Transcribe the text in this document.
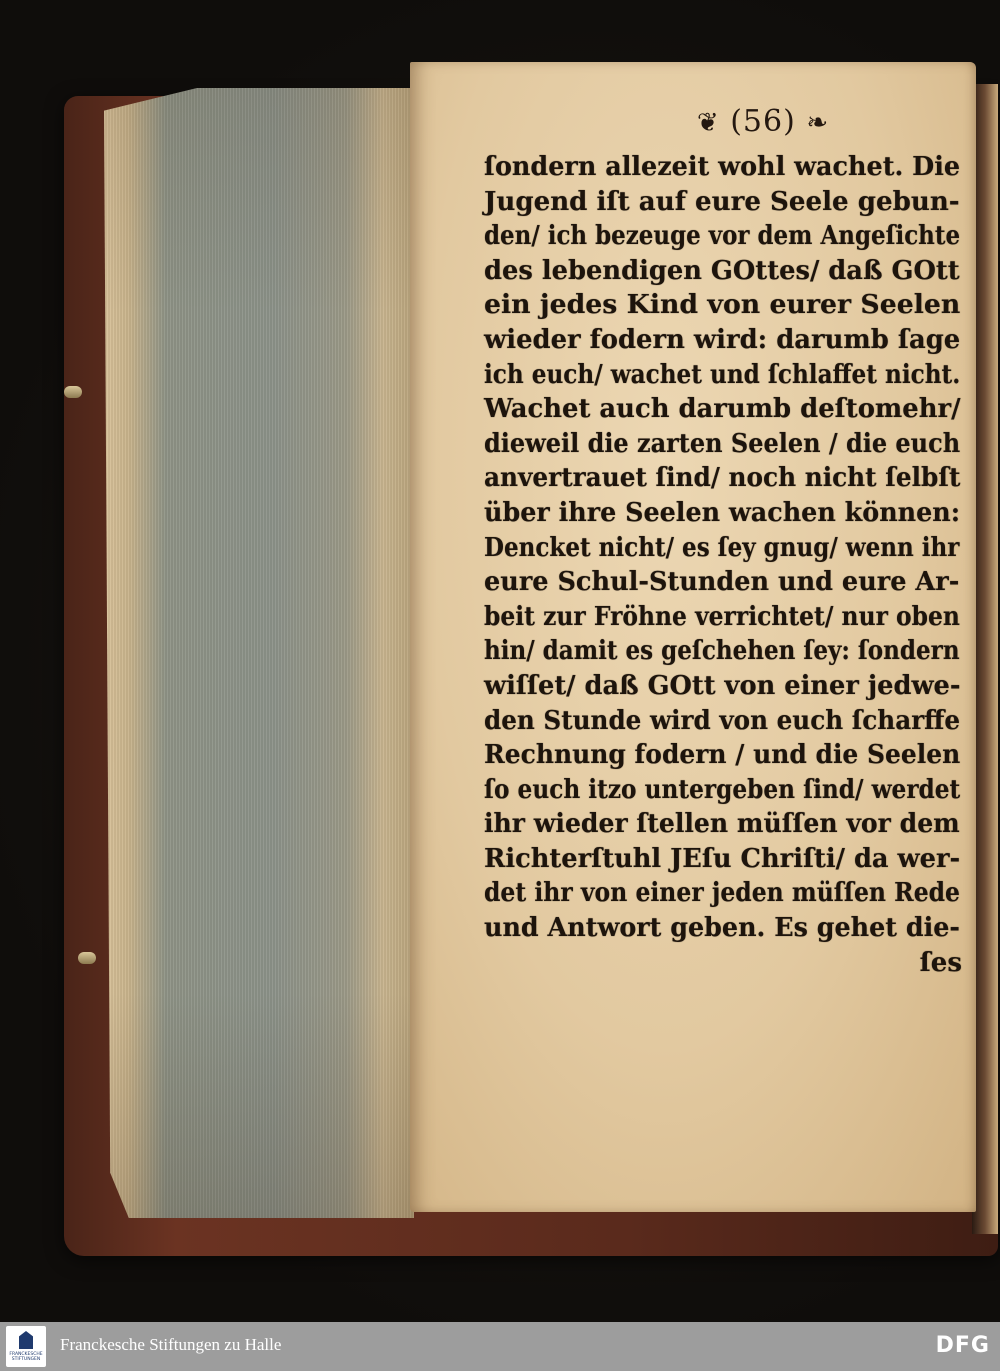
❦ (56) ❧
ſondern allezeit wohl wachet. Die
Jugend iſt auf eure Seele gebun-
den/ ich bezeuge vor dem Angeſichte
des lebendigen GOttes/ daß GOtt
ein jedes Kind von eurer Seelen
wieder fodern wird: darumb ſage
ich euch/ wachet und ſchlaffet nicht.
Wachet auch darumb deſtomehr/
dieweil die zarten Seelen / die euch
anvertrauet ſind/ noch nicht ſelbſt
über ihre Seelen wachen können:
Dencket nicht/ es ſey gnug/ wenn ihr
eure Schul-Stunden und eure Ar-
beit zur Fröhne verrichtet/ nur oben
hin/ damit es geſchehen ſey: ſondern
wiſſet/ daß GOtt von einer jedwe-
den Stunde wird von euch ſcharffe
Rechnung fodern / und die Seelen
ſo euch itzo untergeben ſind/ werdet
ihr wieder ſtellen müſſen vor dem
Richterſtuhl JEſu Chriſti/ da wer-
det ihr von einer jeden müſſen Rede
und Antwort geben. Es gehet die-
ſes
FRANCKESCHE STIFTUNGEN
Franckesche Stiftungen zu Halle	DFG
